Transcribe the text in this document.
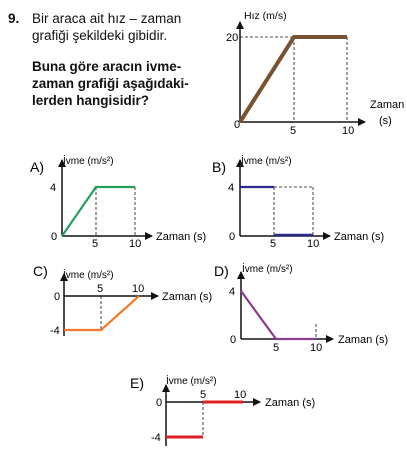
9. Bir araca ait hız – zaman
grafiği şekildeki gibidir.
Buna göre aracın ivme-
zaman grafiği aşağıdaki-
lerden hangisidir?
Hız (m/s)
20
0	5	10
Zaman
(s)
A) İvme (m/s²)
4
0
5	10
Zaman (s)
B) İvme (m/s²)
4
0
5	10
Zaman (s)
C) İvme (m/s²)
0
-4
5	10
Zaman (s)
D) İvme (m/s²)
4
0
5	10
Zaman (s)
E) İvme (m/s²)
0
-4
5	10
Zaman (s)
